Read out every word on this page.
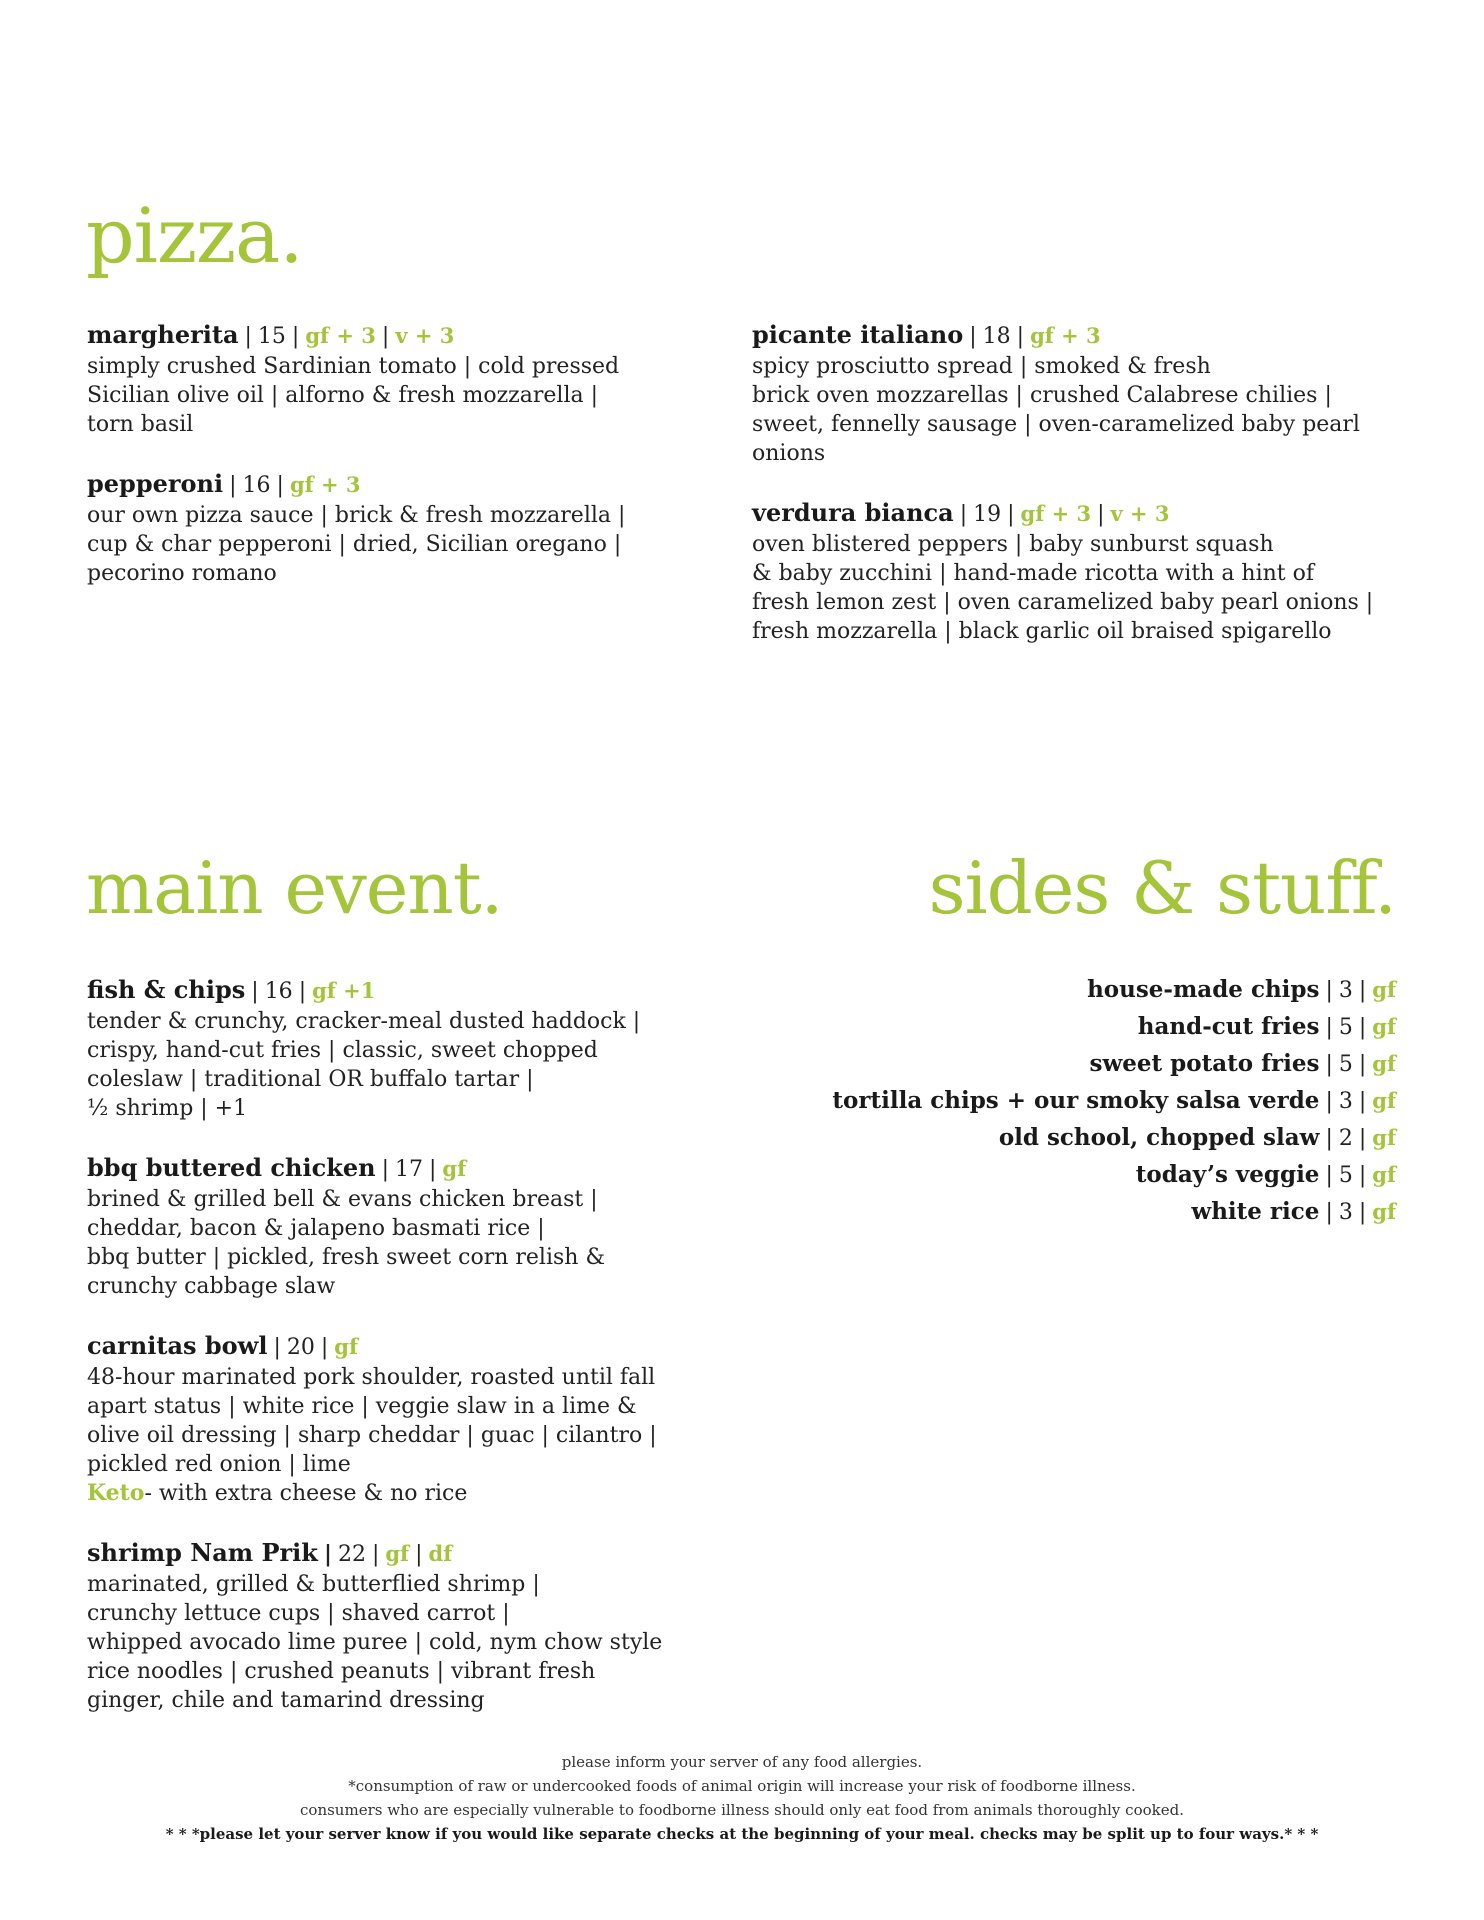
pizza.
margherita | 15 | gf + 3 | v + 3
simply crushed Sardinian tomato | cold pressed
Sicilian olive oil | alforno & fresh mozzarella |
torn basil
pepperoni | 16 | gf + 3
our own pizza sauce | brick & fresh mozzarella |
cup & char pepperoni | dried, Sicilian oregano |
pecorino romano
picante italiano | 18 | gf + 3
spicy prosciutto spread | smoked & fresh
brick oven mozzarellas | crushed Calabrese chilies |
sweet, fennelly sausage | oven-caramelized baby pearl
onions
verdura bianca | 19 | gf + 3 | v + 3
oven blistered peppers | baby sunburst squash
& baby zucchini | hand-made ricotta with a hint of
fresh lemon zest | oven caramelized baby pearl onions |
fresh mozzarella | black garlic oil braised spigarello
main event.
fish & chips | 16 | gf +1
tender & crunchy, cracker-meal dusted haddock |
crispy, hand-cut fries | classic, sweet chopped
coleslaw | traditional OR buffalo tartar |
½ shrimp | +1
bbq buttered chicken | 17 | gf
brined & grilled bell & evans chicken breast |
cheddar, bacon & jalapeno basmati rice |
bbq butter | pickled, fresh sweet corn relish &
crunchy cabbage slaw
carnitas bowl | 20 | gf
48-hour marinated pork shoulder, roasted until fall
apart status | white rice | veggie slaw in a lime &
olive oil dressing | sharp cheddar | guac | cilantro |
pickled red onion | lime
Keto- with extra cheese & no rice
shrimp Nam Prik | 22 | gf | df
marinated, grilled & butterflied shrimp |
crunchy lettuce cups | shaved carrot |
whipped avocado lime puree | cold, nym chow style
rice noodles | crushed peanuts | vibrant fresh
ginger, chile and tamarind dressing
sides & stuff.
house-made chips | 3 | gf
hand-cut fries | 5 | gf
sweet potato fries | 5 | gf
tortilla chips + our smoky salsa verde | 3 | gf
old school, chopped slaw | 2 | gf
today’s veggie | 5 | gf
white rice | 3 | gf
please inform your server of any food allergies.
*consumption of raw or undercooked foods of animal origin will increase your risk of foodborne illness.
consumers who are especially vulnerable to foodborne illness should only eat food from animals thoroughly cooked.
* * *please let your server know if you would like separate checks at the beginning of your meal. checks may be split up to four ways.* * *
